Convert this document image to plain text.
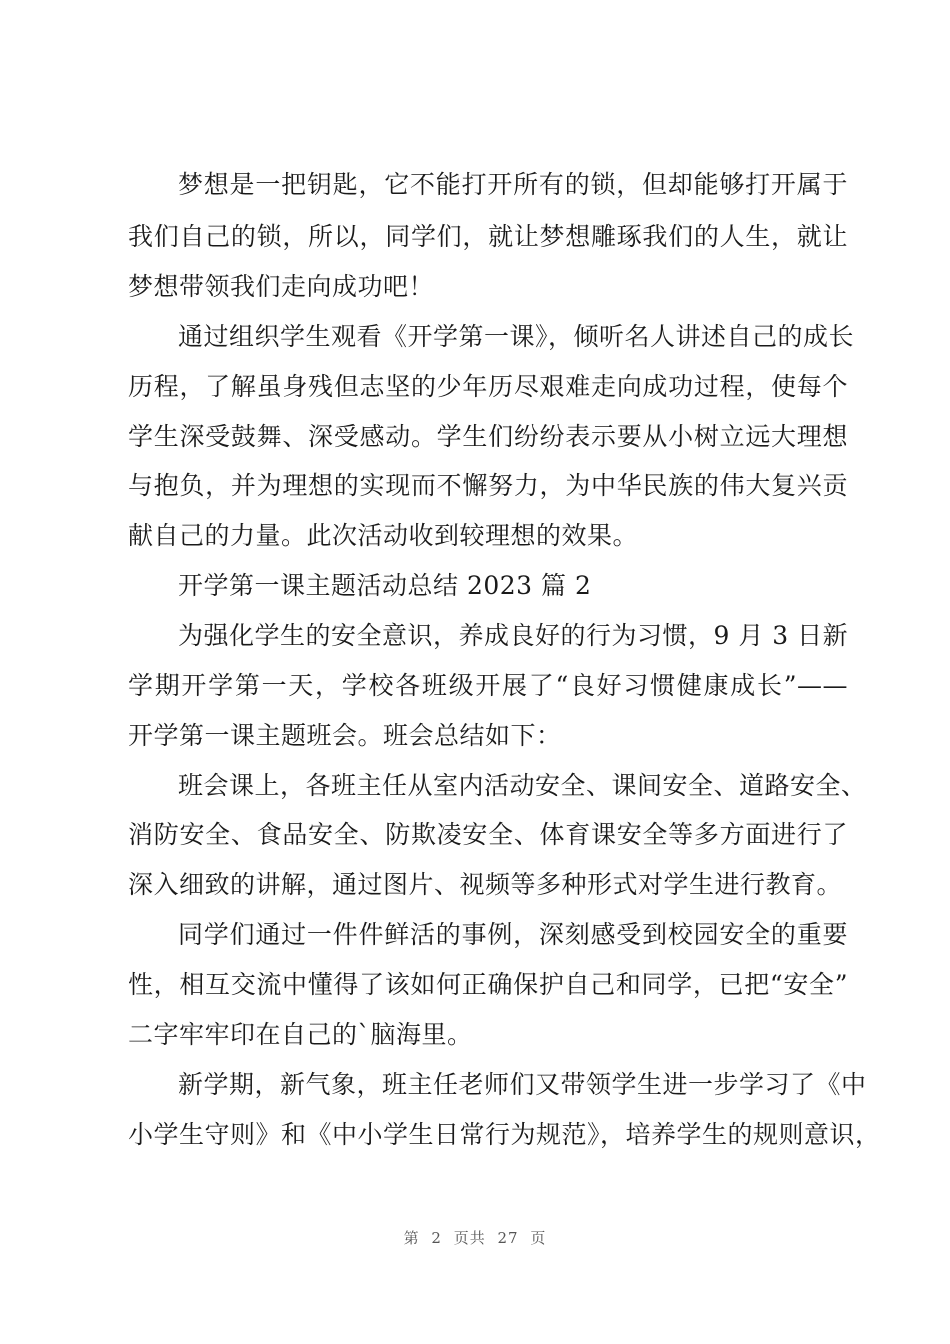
梦想是一把钥匙，它不能打开所有的锁，但却能够打开属于
我们自己的锁，所以，同学们，就让梦想雕琢我们的人生，就让
梦想带领我们走向成功吧！
通过组织学生观看《开学第一课》，倾听名人讲述自己的成长
历程，了解虽身残但志坚的少年历尽艰难走向成功过程，使每个
学生深受鼓舞、深受感动。学生们纷纷表示要从小树立远大理想
与抱负，并为理想的实现而不懈努力，为中华民族的伟大复兴贡
献自己的力量。此次活动收到较理想的效果。
开学第一课主题活动总结 2023 篇 2
为强化学生的安全意识，养成良好的行为习惯，9 月 3 日新
学期开学第一天，学校各班级开展了“良好习惯健康成长”——
开学第一课主题班会。班会总结如下：
班会课上，各班主任从室内活动安全、课间安全、道路安全、
消防安全、食品安全、防欺凌安全、体育课安全等多方面进行了
深入细致的讲解，通过图片、视频等多种形式对学生进行教育。
同学们通过一件件鲜活的事例，深刻感受到校园安全的重要
性，相互交流中懂得了该如何正确保护自己和同学，已把“安全”
二字牢牢印在自己的`脑海里。
新学期，新气象，班主任老师们又带领学生进一步学习了《中
小学生守则》和《中小学生日常行为规范》，培养学生的规则意识，
第 2 页共 27 页
